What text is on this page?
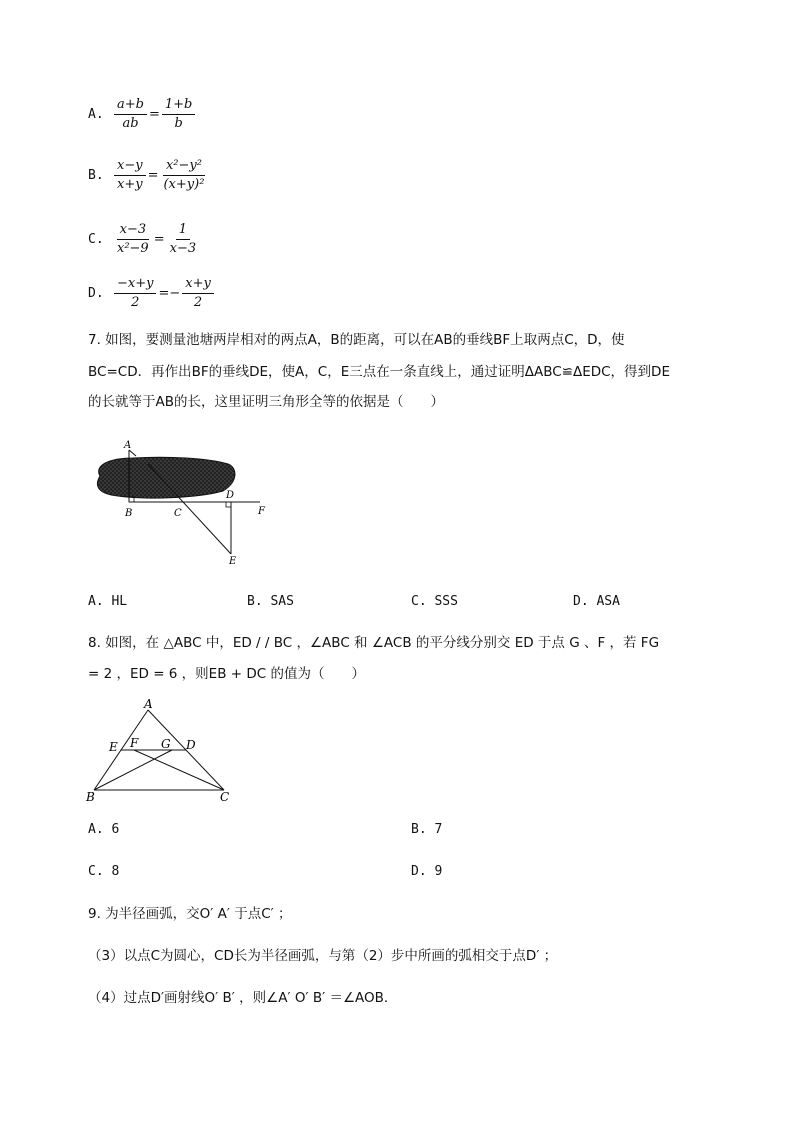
A. $\frac{a+b}{ab} = \frac{1+b}{b}$
B. $\frac{x-y}{x+y} = \frac{\text{x²−y²}}{\text{(x+y)²}}$
C. $\frac{x-3}{\text{x²−9}} = \frac{1}{x-3}$
D. $\frac{-x+y}{2} =- \frac{x+y}{2}$
7. 如图，要测量池塘两岸相对的两点A，B的距离，可以在AB的垂线BF上取两点C，D，使
BC=CD．再作出BF的垂线DE，使A，C，E三点在一条直线上，通过证明ΔABC≌ΔEDC，得到DE
的长就等于AB的长，这里证明三角形全等的依据是（　　）
A
B	C
D
E
F
A. HL	B. SAS	C. SSS	D. ASA
8. 如图，在 △ABC 中，ED / / BC ，∠ABC 和 ∠ACB 的平分线分别交 ED 于点 G 、F ，若 FG
= 2 ，ED = 6 ，则EB + DC 的值为（　　）
A
E F G D
B	C
A. 6	B. 7
C. 8	D. 9
9. 为半径画弧，交O′ A′ 于点C′ ；
（3）以点C为圆心，CD长为半径画弧，与第（2）步中所画的弧相交于点D′ ；
（4）过点D′画射线O′ B′ ，则∠A′ O′ B′ ＝∠AOB．
